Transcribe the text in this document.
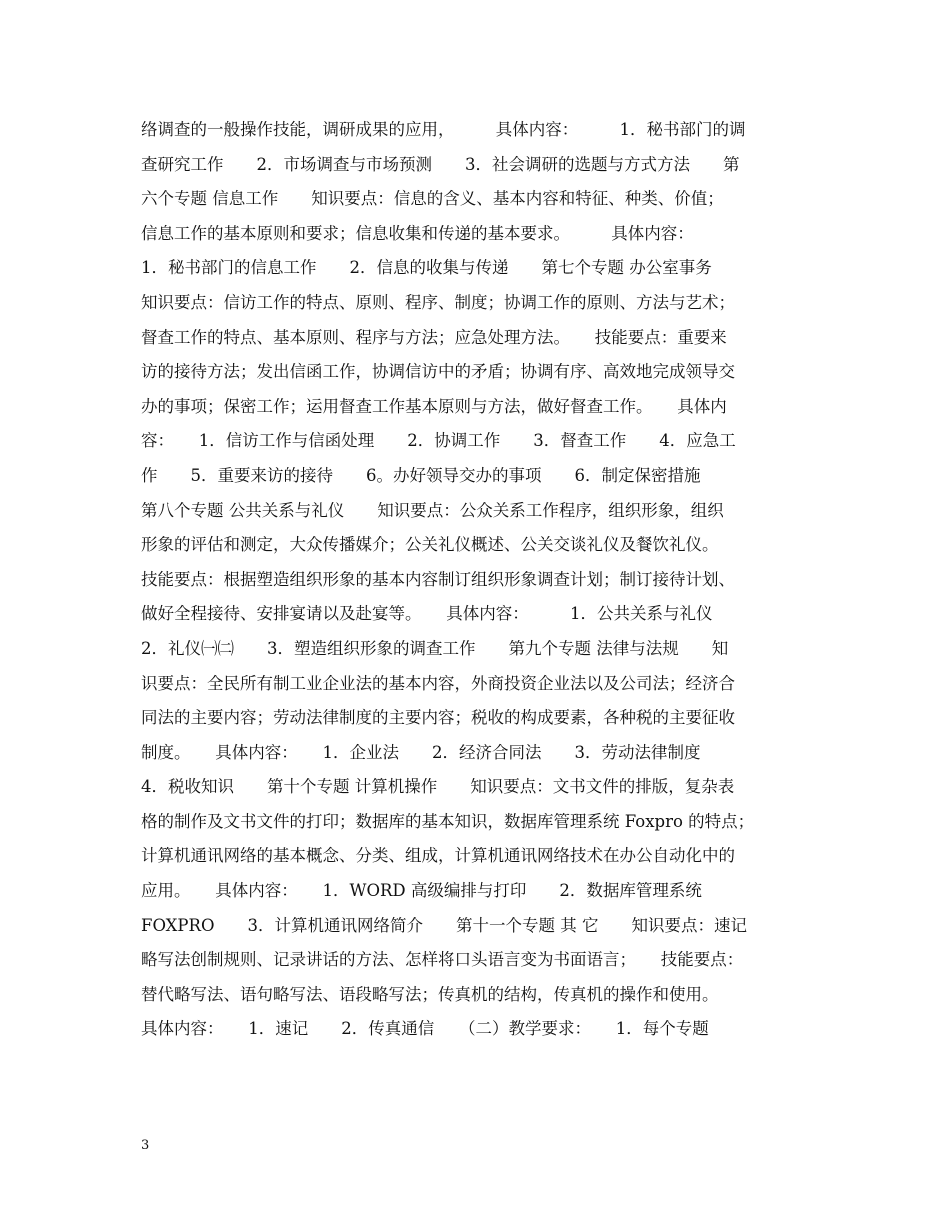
络调查的一般操作技能，调研成果的应用，　　　具体内容：　　　1．秘书部门的调
查研究工作　　2．市场调查与市场预测　　3．社会调研的选题与方式方法　　第
六个专题 信息工作　　知识要点：信息的含义、基本内容和特征、种类、价值；
信息工作的基本原则和要求；信息收集和传递的基本要求。　　　具体内容：
1．秘书部门的信息工作　　2．信息的收集与传递　　第七个专题 办公室事务
知识要点：信访工作的特点、原则、程序、制度；协调工作的原则、方法与艺术；
督查工作的特点、基本原则、程序与方法；应急处理方法。　　技能要点：重要来
访的接待方法；发出信函工作，协调信访中的矛盾；协调有序、高效地完成领导交
办的事项；保密工作；运用督查工作基本原则与方法，做好督查工作。　　具体内
容：　　1．信访工作与信函处理　　2．协调工作　　3．督查工作　　4．应急工
作　　5．重要来访的接待　　6。办好领导交办的事项　　6．制定保密措施
第八个专题 公共关系与礼仪　　知识要点：公众关系工作程序，组织形象，组织
形象的评估和测定，大众传播媒介；公关礼仪概述、公关交谈礼仪及餐饮礼仪。
技能要点：根据塑造组织形象的基本内容制订组织形象调查计划；制订接待计划、
做好全程接待、安排宴请以及赴宴等。　　具体内容：　　　1．公共关系与礼仪
2．礼仪㈠㈡　　3．塑造组织形象的调查工作　　第九个专题 法律与法规　　知
识要点：全民所有制工业企业法的基本内容，外商投资企业法以及公司法；经济合
同法的主要内容；劳动法律制度的主要内容；税收的构成要素，各种税的主要征收
制度。　　具体内容：　　1．企业法　　2．经济合同法　　3．劳动法律制度
4．税收知识　　第十个专题 计算机操作　　知识要点：文书文件的排版，复杂表
格的制作及文书文件的打印；数据库的基本知识，数据库管理系统 Foxpro 的特点；
计算机通讯网络的基本概念、分类、组成，计算机通讯网络技术在办公自动化中的
应用。　　具体内容：　　1．WORD 高级编排与打印　　2．数据库管理系统
FOXPRO　　3．计算机通讯网络简介　　第十一个专题 其 它　　知识要点：速记
略写法创制规则、记录讲话的方法、怎样将口头语言变为书面语言；　　技能要点：
替代略写法、语句略写法、语段略写法；传真机的结构，传真机的操作和使用。
具体内容：　　1．速记　　2．传真通信　　（二）教学要求：　　1．每个专题
3
